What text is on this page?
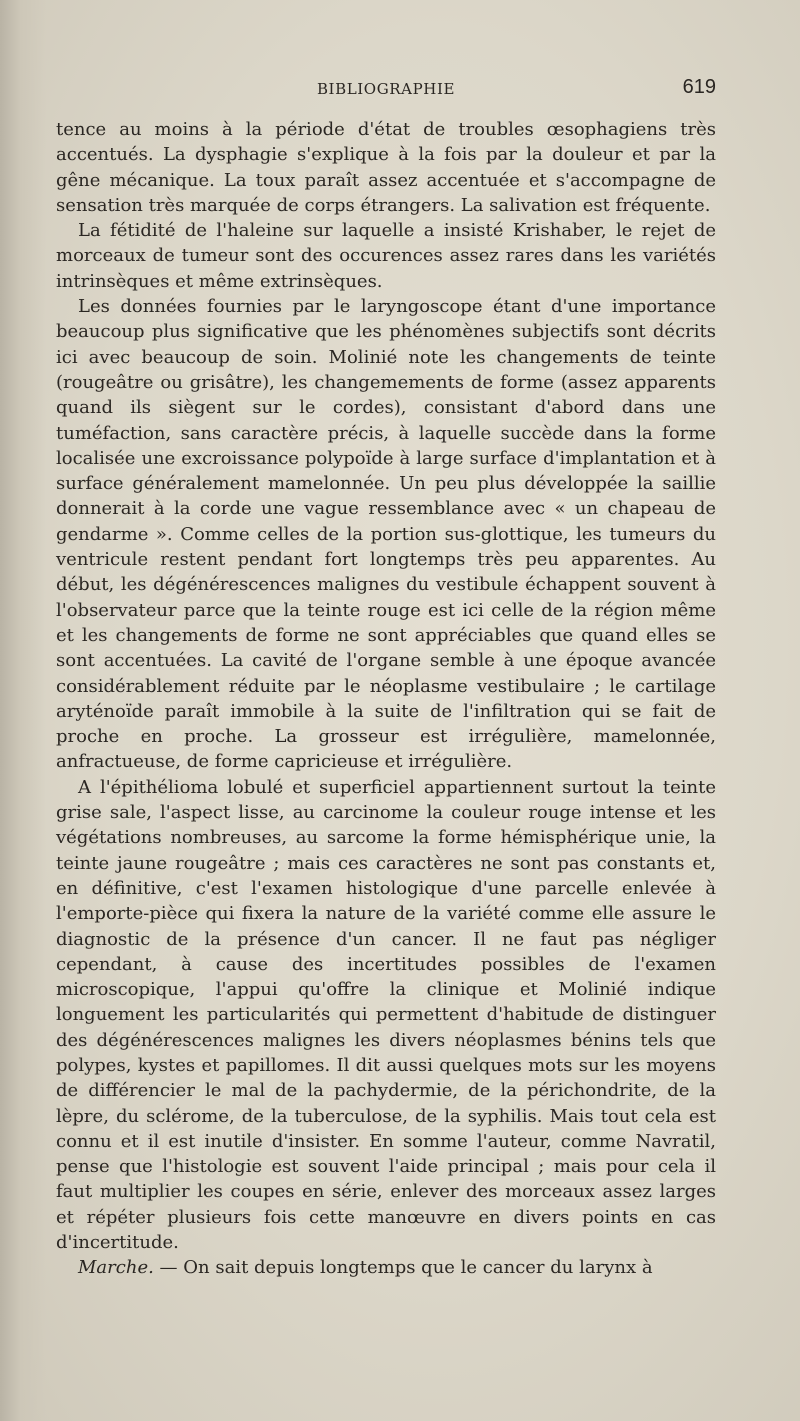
BIBLIOGRAPHIE	619

tence au moins à la période d'état de troubles œsophagiens très accentués. La dysphagie s'explique à la fois par la douleur et par la gêne mécanique. La toux paraît assez accentuée et s'accompagne de sensation très marquée de corps étrangers. La salivation est fréquente.

La fétidité de l'haleine sur laquelle a insisté Krishaber, le rejet de morceaux de tumeur sont des occurences assez rares dans les variétés intrinsèques et même extrinsèques.

Les données fournies par le laryngoscope étant d'une importance beaucoup plus significative que les phénomènes subjectifs sont décrits ici avec beaucoup de soin. Molinié note les changements de teinte (rougeâtre ou grisâtre), les changemements de forme (assez apparents quand ils siègent sur le cordes), consistant d'abord dans une tuméfaction, sans caractère précis, à laquelle succède dans la forme localisée une excroissance polypoïde à large surface d'implantation et à surface généralement mamelonnée. Un peu plus développée la saillie donnerait à la corde une vague ressemblance avec « un chapeau de gendarme ». Comme celles de la portion sus-glottique, les tumeurs du ventricule restent pendant fort longtemps très peu apparentes. Au début, les dégénérescences malignes du vestibule échappent souvent à l'observateur parce que la teinte rouge est ici celle de la région même et les changements de forme ne sont appréciables que quand elles se sont accentuées. La cavité de l'organe semble à une époque avancée considérablement réduite par le néoplasme vestibulaire ; le cartilage aryténoïde paraît immobile à la suite de l'infiltration qui se fait de proche en proche. La grosseur est irrégulière, mamelonnée, anfractueuse, de forme capricieuse et irrégulière.

A l'épithélioma lobulé et superficiel appartiennent surtout la teinte grise sale, l'aspect lisse, au carcinome la couleur rouge intense et les végétations nombreuses, au sarcome la forme hémisphérique unie, la teinte jaune rougeâtre ; mais ces caractères ne sont pas constants et, en définitive, c'est l'examen histologique d'une parcelle enlevée à l'emporte-pièce qui fixera la nature de la variété comme elle assure le diagnostic de la présence d'un cancer. Il ne faut pas négliger cependant, à cause des incertitudes possibles de l'examen microscopique, l'appui qu'offre la clinique et Molinié indique longuement les particularités qui permettent d'habitude de distinguer des dégénérescences malignes les divers néoplasmes bénins tels que polypes, kystes et papillomes. Il dit aussi quelques mots sur les moyens de différencier le mal de la pachydermie, de la périchondrite, de la lèpre, du sclérome, de la tuberculose, de la syphilis. Mais tout cela est connu et il est inutile d'insister. En somme l'auteur, comme Navratil, pense que l'histologie est souvent l'aide principal ; mais pour cela il faut multiplier les coupes en série, enlever des morceaux assez larges et répéter plusieurs fois cette manœuvre en divers points en cas d'incertitude.

Marche. — On sait depuis longtemps que le cancer du larynx à
